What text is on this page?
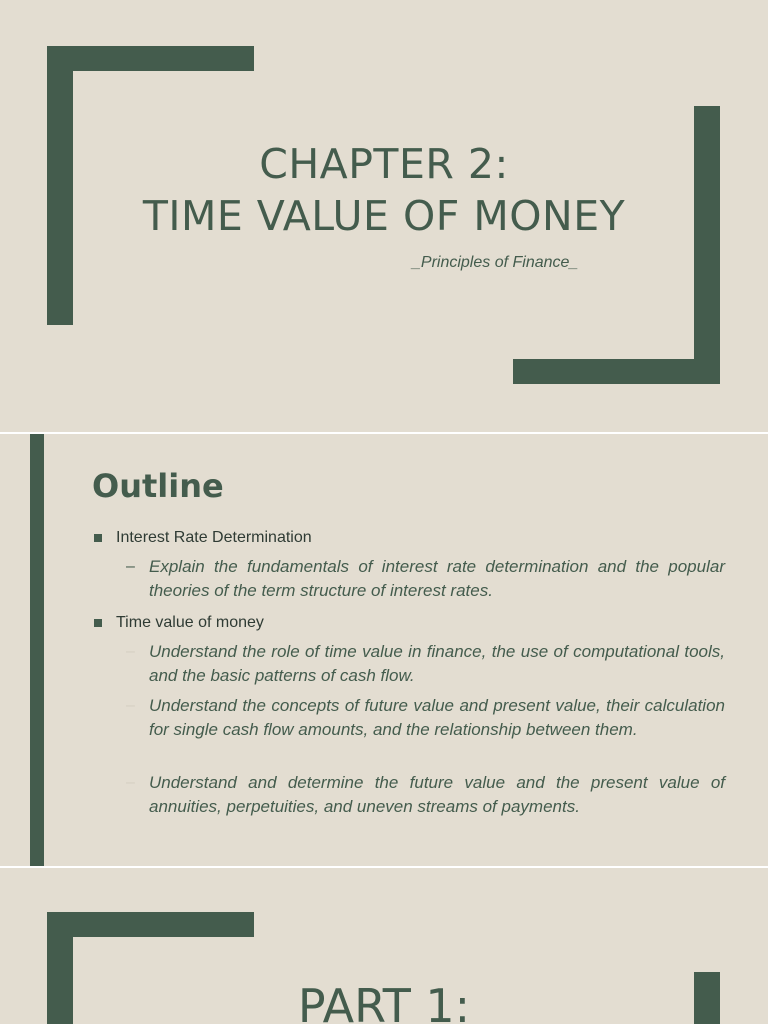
CHAPTER 2:
TIME VALUE OF MONEY
_Principles of Finance_
Outline
Interest Rate Determination
– Explain the fundamentals of interest rate determination and the popular theories of the term structure of interest rates.
Time value of money
– Understand the role of time value in finance, the use of computational tools, and the basic patterns of cash flow.
– Understand the concepts of future value and present value, their calculation for single cash flow amounts, and the relationship between them.
– Understand and determine the future value and the present value of annuities, perpetuities, and uneven streams of payments.
PART 1:
